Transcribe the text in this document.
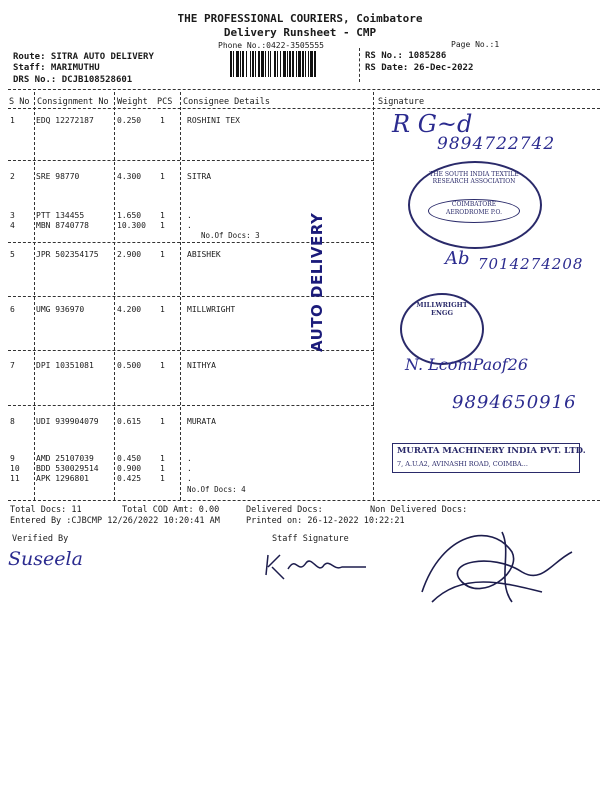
THE PROFESSIONAL COURIERS, Coimbatore
Delivery Runsheet - CMP
Phone No.:0422-3505555	Page No.:1
Route: SITRA AUTO DELIVERY
Staff: MARIMUTHU
DRS No.: DCJB108528601
RS No.: 1085286
RS Date: 26-Dec-2022
S No Consignment No Weight PCS Consignee Details	Signature
1	EDQ 12272187	0.250 1	ROSHINI TEX
2	SRE 98770	4.300 1	SITRA
3	PTT 134455	1.650 1	.
4	MBN 8740778	10.300 1	.
5	JPR 502354175 2.900 1	ABISHEK
6	UMG 936970	4.200 1	MILLWRIGHT
7	DPI 10351081	0.500 1	NITHYA
8	UDI 939904079 0.615 1	MURATA
9	AMD 25107039	0.450 1	.
10 BDD 530029514 0.900 1	.
11 APK 1296801	0.425 1	.
No.Of Docs: 3
No.Of Docs: 4
AUTO DELIVERY
R G~d
9894722742
THE SOUTH INDIA TEXTILE RESEARCH ASSOCIATION
COIMBATORE AERODROME P.O.
Ab 7014274208
MILLWRIGHT ENGG
N. LcomPaof26
9894650916
MURATA MACHINERY INDIA PVT. LTD.
7, A.U.A2, AVINASHI ROAD, COIMBA...
Total Docs: 11	Total COD Amt: 0.00	Delivered Docs:	Non Delivered Docs:
Entered By :CJBCMP 12/26/2022 10:20:41 AM	Printed on: 26-12-2022 10:22:21
Verified By	Staff Signature
Suseela
